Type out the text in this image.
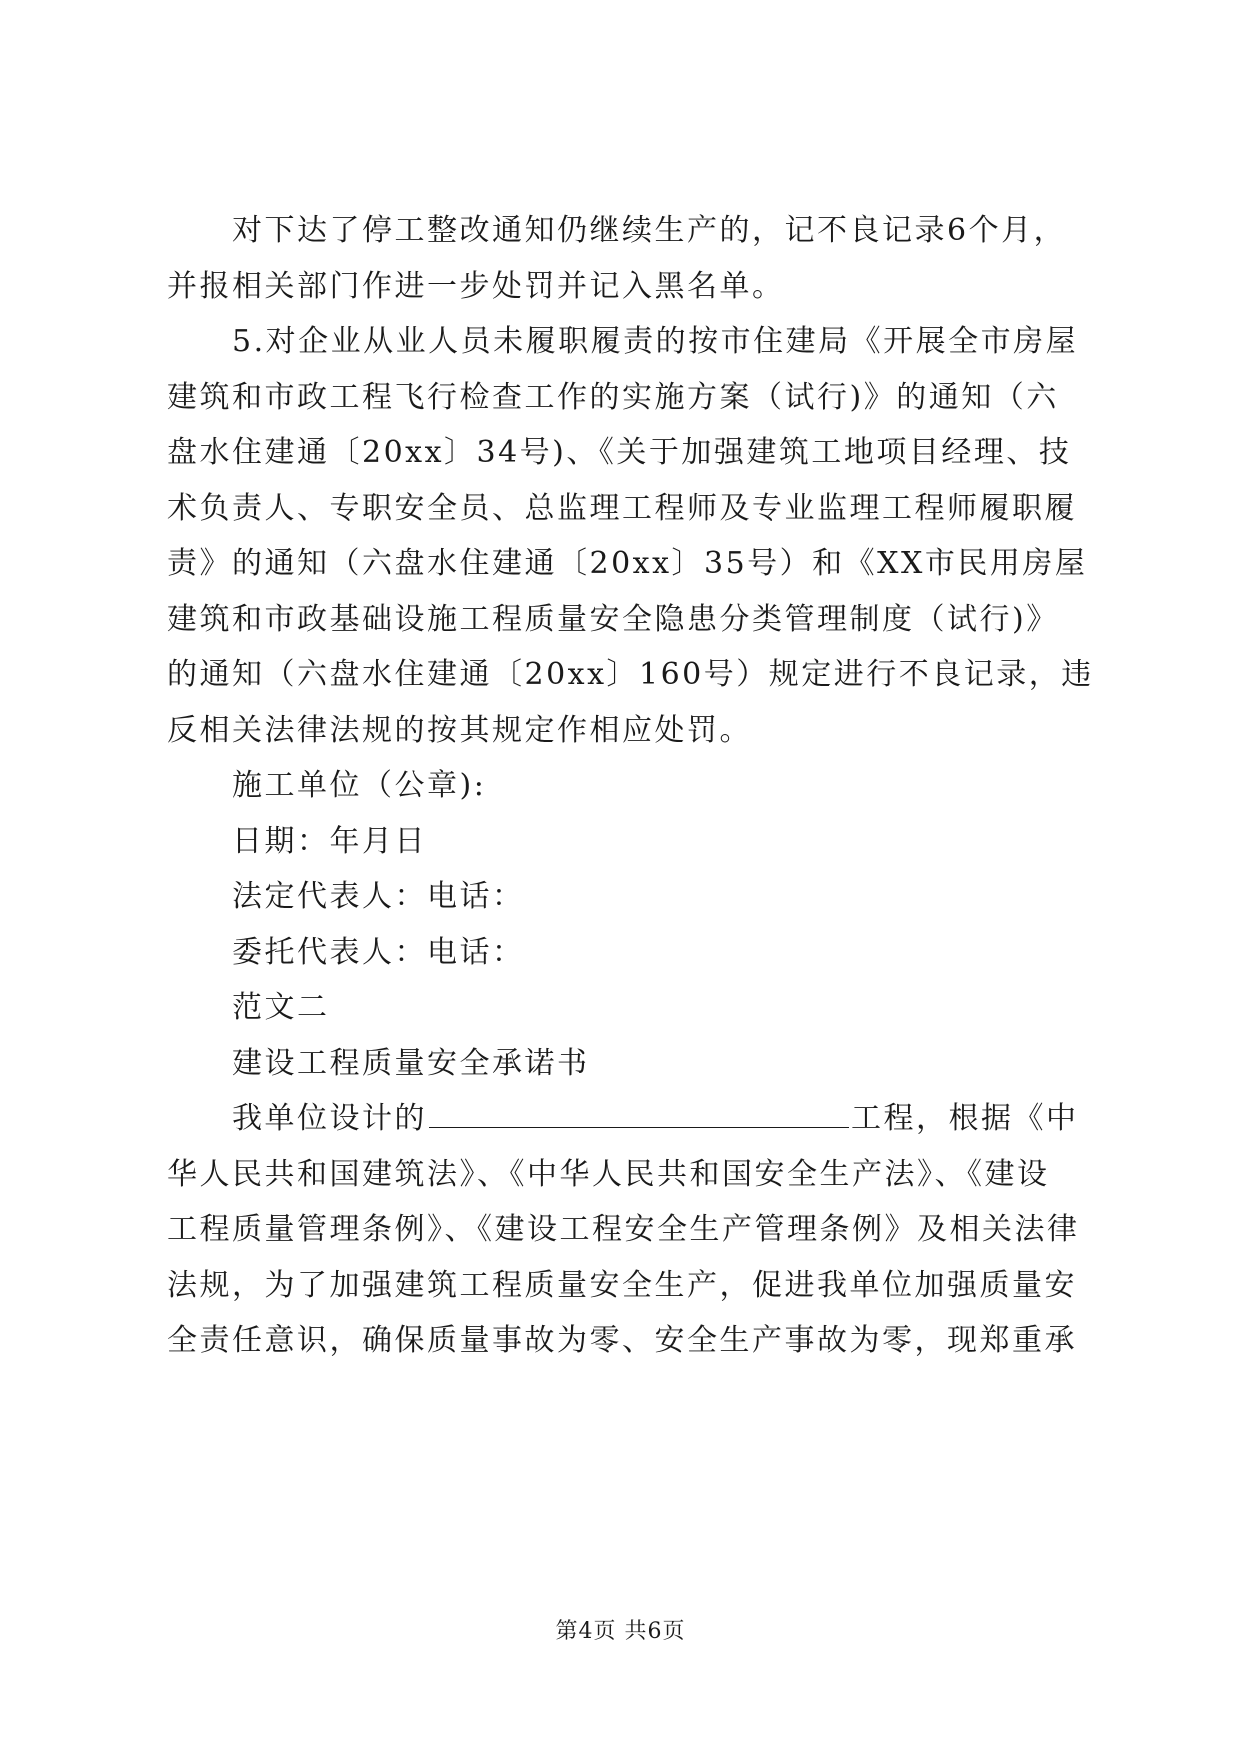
对下达了停工整改通知仍继续生产的，记不良记录6个月，
并报相关部门作进一步处罚并记入黑名单。
5.对企业从业人员未履职履责的按市住建局《开展全市房屋
建筑和市政工程飞行检查工作的实施方案（试行)》的通知（六
盘水住建通〔20xx〕34号)、《关于加强建筑工地项目经理、技
术负责人、专职安全员、总监理工程师及专业监理工程师履职履
责》的通知（六盘水住建通〔20xx〕35号）和《XX市民用房屋
建筑和市政基础设施工程质量安全隐患分类管理制度（试行)》
的通知（六盘水住建通〔20xx〕160号）规定进行不良记录，违
反相关法律法规的按其规定作相应处罚。
施工单位（公章):
日期：年月日
法定代表人：电话：
委托代表人：电话：
范文二
建设工程质量安全承诺书
我单位设计的	工程，根据《中
华人民共和国建筑法》、《中华人民共和国安全生产法》、《建设
工程质量管理条例》、《建设工程安全生产管理条例》及相关法律
法规，为了加强建筑工程质量安全生产，促进我单位加强质量安
全责任意识，确保质量事故为零、安全生产事故为零，现郑重承
第4页 共6页
